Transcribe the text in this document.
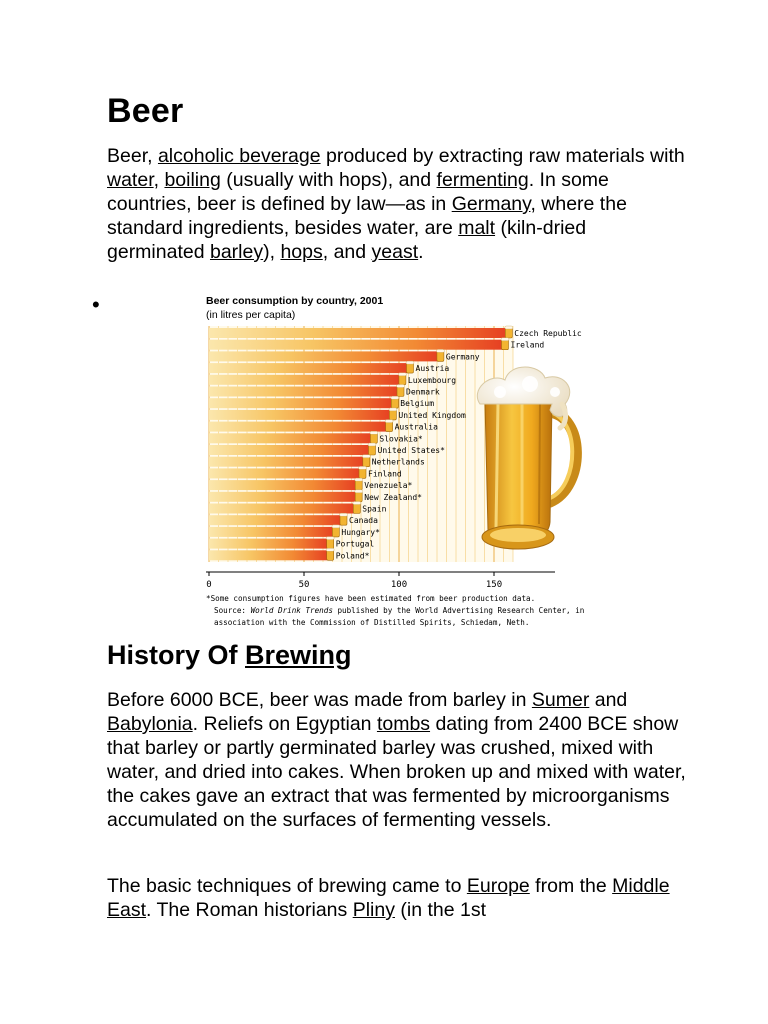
Beer

Beer, alcoholic beverage produced by extracting raw materials with water, boiling (usually with hops), and fermenting. In some countries, beer is defined by law—as in Germany, where the standard ingredients, besides water, are malt (kiln-dried germinated barley), hops, and yeast.

•	Beer consumption by country, 2001
(in litres per capita)
Czech Republic
Ireland
Germany
Austria
Luxembourg
Denmark
Belgium
United Kingdom
Australia
Slovakia*
United States*
Netherlands
Finland
Venezuela*
New Zealand*
Spain
Canada
Hungary*
Portugal
Poland*
0	50	100	150
*Some consumption figures have been estimated from beer production data.
Source: World Drink Trends published by the World Advertising Research Center, in
association with the Commission of Distilled Spirits, Schiedam, Neth.
History Of Brewing

Before 6000 BCE, beer was made from barley in Sumer and Babylonia. Reliefs on Egyptian tombs dating from 2400 BCE show that barley or partly germinated barley was crushed, mixed with water, and dried into cakes. When broken up and mixed with water, the cakes gave an extract that was fermented by microorganisms accumulated on the surfaces of fermenting vessels.

The basic techniques of brewing came to Europe from the Middle East. The Roman historians Pliny (in the 1st
